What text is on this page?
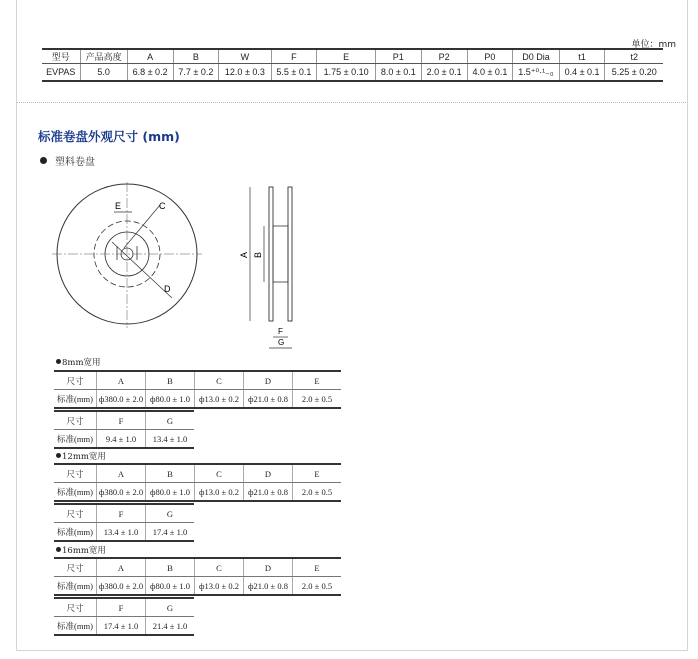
单位：mm
型号	产品高度	A	B	W	F	E	P1	P2	P0	D0 Dia	t1	t2
EVPAS	5.0	6.8 ± 0.2	7.7 ± 0.2	12.0 ± 0.3	5.5 ± 0.1	1.75 ± 0.10	8.0 ± 0.1	2.0 ± 0.1	4.0 ± 0.1	1.5⁺⁰·¹₋₀	0.4 ± 0.1	5.25 ± 0.20
标准卷盘外观尺寸 (mm)
塑料卷盘
E	C
D
A B
F
G
8mm宽用
尺寸	A	B	C	D	E
标准(mm)	ф380.0 ± 2.0	ф80.0 ± 1.0	ф13.0 ± 0.2	ф21.0 ± 0.8	2.0 ± 0.5
尺寸	F	G
标准(mm)	9.4 ± 1.0	13.4 ± 1.0
12mm宽用
尺寸	A	B	C	D	E
标准(mm)	ф380.0 ± 2.0	ф80.0 ± 1.0	ф13.0 ± 0.2	ф21.0 ± 0.8	2.0 ± 0.5
尺寸	F	G
标准(mm)	13.4 ± 1.0	17.4 ± 1.0
16mm宽用
尺寸	A	B	C	D	E
标准(mm)	ф380.0 ± 2.0	ф80.0 ± 1.0	ф13.0 ± 0.2	ф21.0 ± 0.8	2.0 ± 0.5
尺寸	F	G
标准(mm)	17.4 ± 1.0	21.4 ± 1.0
